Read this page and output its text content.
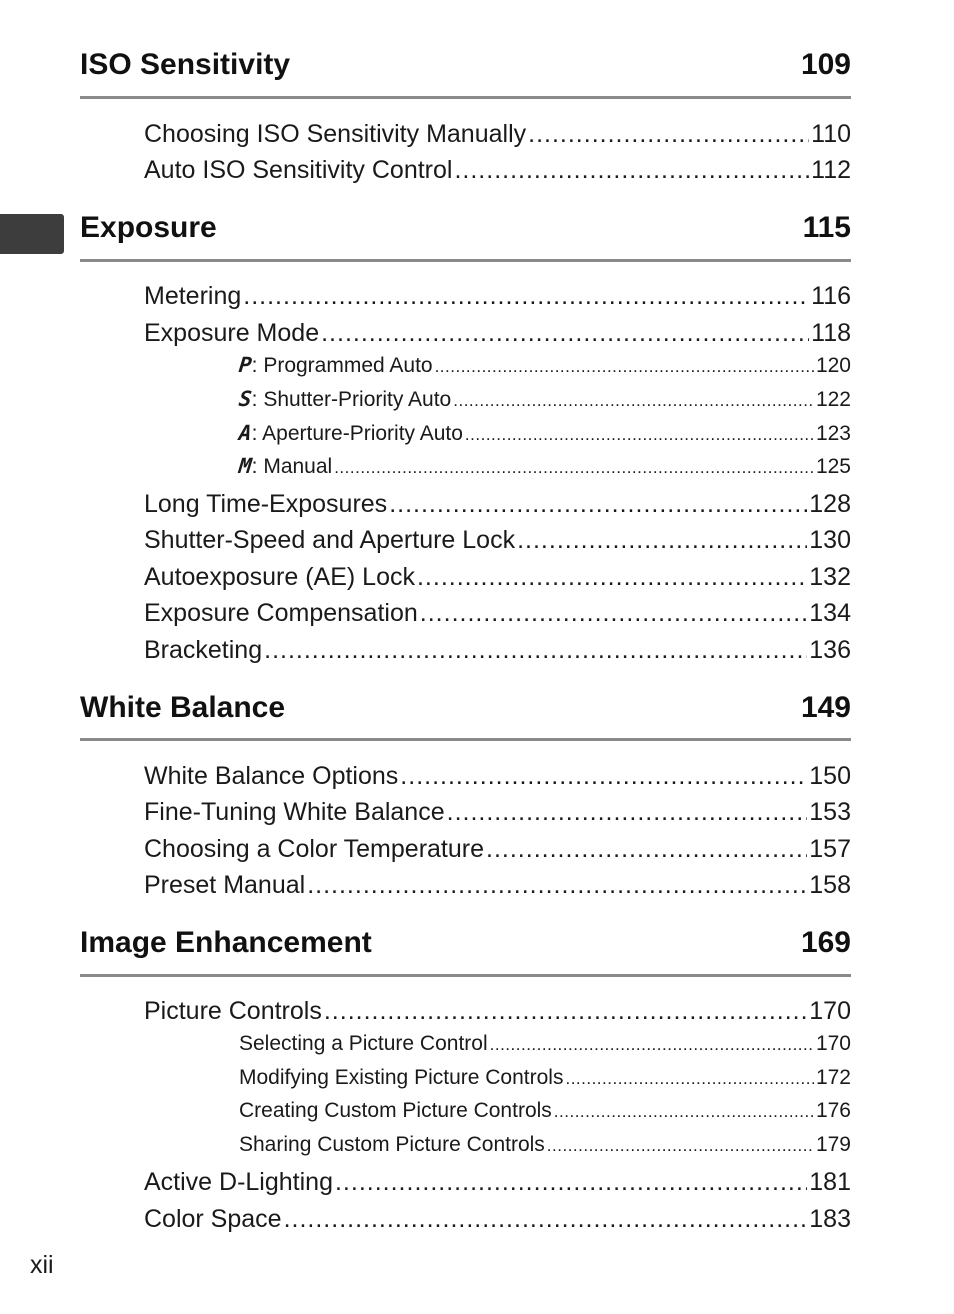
ISO Sensitivity	109
Choosing ISO Sensitivity Manually .....	110
Auto ISO Sensitivity Control .....	112
Exposure	115
Metering .....	116
Exposure Mode .....	118
P: Programmed Auto .....	120
S: Shutter-Priority Auto .....	122
A: Aperture-Priority Auto .....	123
M: Manual .....	125
Long Time-Exposures .....	128
Shutter-Speed and Aperture Lock .....	130
Autoexposure (AE) Lock .....	132
Exposure Compensation .....	134
Bracketing .....	136
White Balance	149
White Balance Options .....	150
Fine-Tuning White Balance .....	153
Choosing a Color Temperature .....	157
Preset Manual .....	158
Image Enhancement	169
Picture Controls .....	170
Selecting a Picture Control .....	170
Modifying Existing Picture Controls .....	172
Creating Custom Picture Controls .....	176
Sharing Custom Picture Controls .....	179
Active D-Lighting .....	181
Color Space .....	183
xii
